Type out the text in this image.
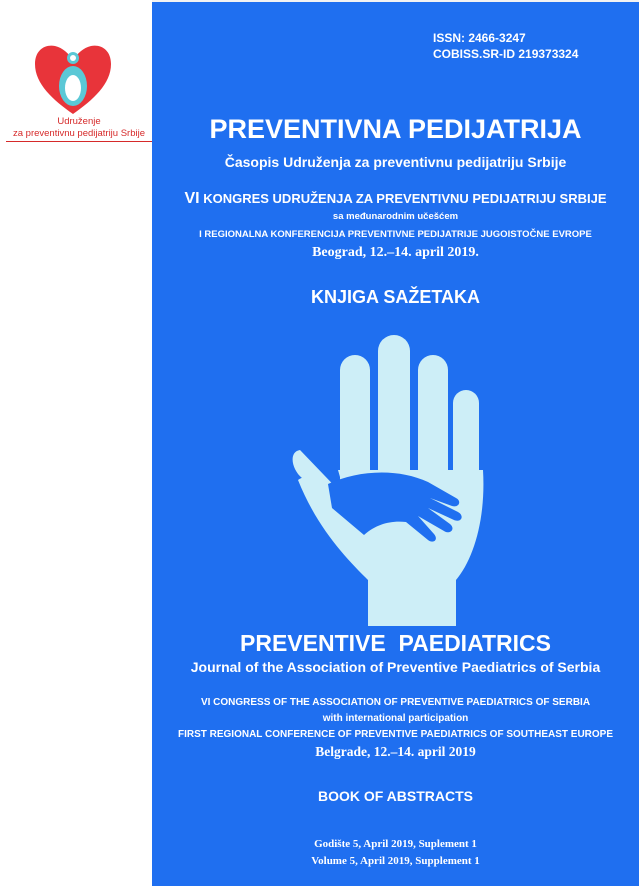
Udruženje
za preventivnu pedijatriju Srbije
ISSN: 2466-3247
COBISS.SR-ID 219373324
PREVENTIVNA PEDIJATRIJA
Časopis Udruženja za preventivnu pedijatriju Srbije
VI KONGRES UDRUŽENJA ZA PREVENTIVNU PEDIJATRIJU SRBIJE
sa međunarodnim učešćem
I REGIONALNA KONFERENCIJA PREVENTIVNE PEDIJATRIJE JUGOISTOČNE EVROPE
Beograd, 12.–14. april 2019.
KNJIGA SAŽETAKA
PREVENTIVE  PAEDIATRICS
Journal of the Association of Preventive Paediatrics of Serbia
VI CONGRESS OF THE ASSOCIATION OF PREVENTIVE PAEDIATRICS OF SERBIA
with international participation
FIRST REGIONAL CONFERENCE OF PREVENTIVE PAEDIATRICS OF SOUTHEAST EUROPE
Belgrade, 12.–14. april 2019
BOOK OF ABSTRACTS
Godište 5, April 2019, Suplement 1
Volume 5, April 2019, Supplement 1
